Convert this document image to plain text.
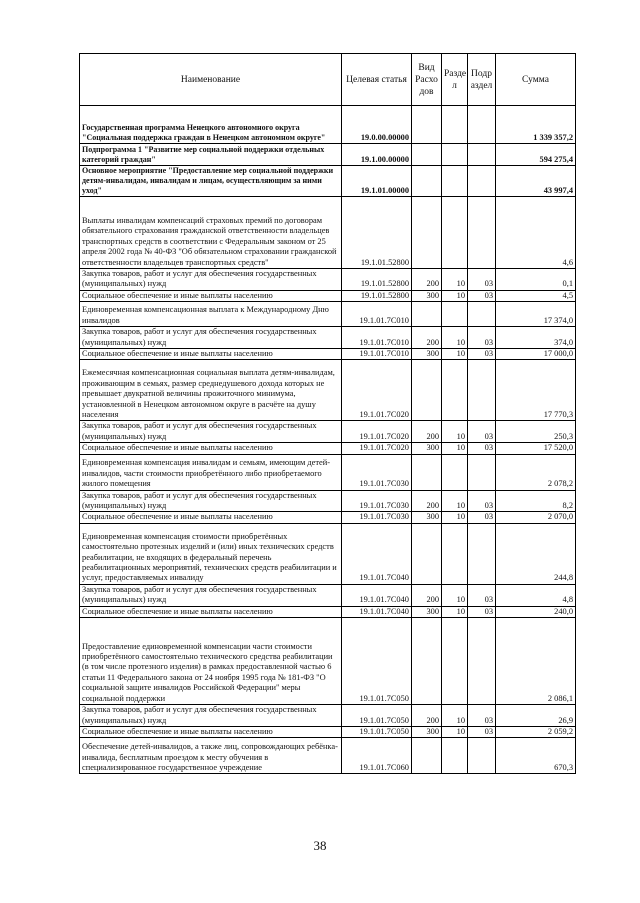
Наименование	Целевая статья	Вид Расхо дов	Разде л	Подр аздел	Сумма
Государственная программа Ненецкого автономного округа "Социальная поддержка граждан в Ненецком автономном округе"	19.0.00.00000				1 339 357,2
Подпрограмма 1 "Развитие мер социальной поддержки отдельных категорий граждан"	19.1.00.00000				594 275,4
Основное мероприятие "Предоставление мер социальной поддержки детям-инвалидам, инвалидам и лицам, осуществляющим за ними уход"	19.1.01.00000				43 997,4
Выплаты инвалидам компенсаций страховых премий по договорам обязательного страхования гражданской ответственности владельцев транспортных средств в соответствии с Федеральным законом от 25 апреля 2002 года № 40-ФЗ "Об обязательном страховании гражданской ответственности владельцев транспортных средств"	19.1.01.52800				4,6
Закупка товаров, работ и услуг для обеспечения государственных (муниципальных) нужд	19.1.01.52800	200	10	03	0,1
Социальное обеспечение и иные выплаты населению	19.1.01.52800	300	10	03	4,5
Единовременная компенсационная выплата к Международному Дню инвалидов	19.1.01.7С010				17 374,0
Закупка товаров, работ и услуг для обеспечения государственных (муниципальных) нужд	19.1.01.7С010	200	10	03	374,0
Социальное обеспечение и иные выплаты населению	19.1.01.7С010	300	10	03	17 000,0
Ежемесячная компенсационная социальная выплата детям-инвалидам, проживающим в семьях, размер среднедушевого дохода которых не превышает двукратной величины прожиточного минимума, установленной в Ненецком автономном округе в расчёте на душу населения	19.1.01.7С020				17 770,3
Закупка товаров, работ и услуг для обеспечения государственных (муниципальных) нужд	19.1.01.7С020	200	10	03	250,3
Социальное обеспечение и иные выплаты населению	19.1.01.7С020	300	10	03	17 520,0
Единовременная компенсация инвалидам и семьям, имеющим детей-инвалидов, части стоимости приобретённого либо приобретаемого жилого помещения	19.1.01.7С030				2 078,2
Закупка товаров, работ и услуг для обеспечения государственных (муниципальных) нужд	19.1.01.7С030	200	10	03	8,2
Социальное обеспечение и иные выплаты населению	19.1.01.7С030	300	10	03	2 070,0
Единовременная компенсация стоимости приобретённых самостоятельно протезных изделий и (или) иных технических средств реабилитации, не входящих в федеральный перечень реабилитационных мероприятий, технических средств реабилитации и услуг, предоставляемых инвалиду	19.1.01.7С040				244,8
Закупка товаров, работ и услуг для обеспечения государственных (муниципальных) нужд	19.1.01.7С040	200	10	03	4,8
Социальное обеспечение и иные выплаты населению	19.1.01.7С040	300	10	03	240,0
Предоставление единовременной компенсации части стоимости приобретённого самостоятельно технического средства реабилитации (в том числе протезного изделия) в рамках предоставленной частью 6 статьи 11 Федерального закона от 24 ноября 1995 года № 181-ФЗ "О социальной защите инвалидов Российской Федерации" меры социальной поддержки	19.1.01.7С050				2 086,1
Закупка товаров, работ и услуг для обеспечения государственных (муниципальных) нужд	19.1.01.7С050	200	10	03	26,9
Социальное обеспечение и иные выплаты населению	19.1.01.7С050	300	10	03	2 059,2
Обеспечение детей-инвалидов, а также лиц, сопровождающих ребёнка-инвалида, бесплатным проездом к месту обучения в специализированное государственное учреждение	19.1.01.7С060				670,3
38
